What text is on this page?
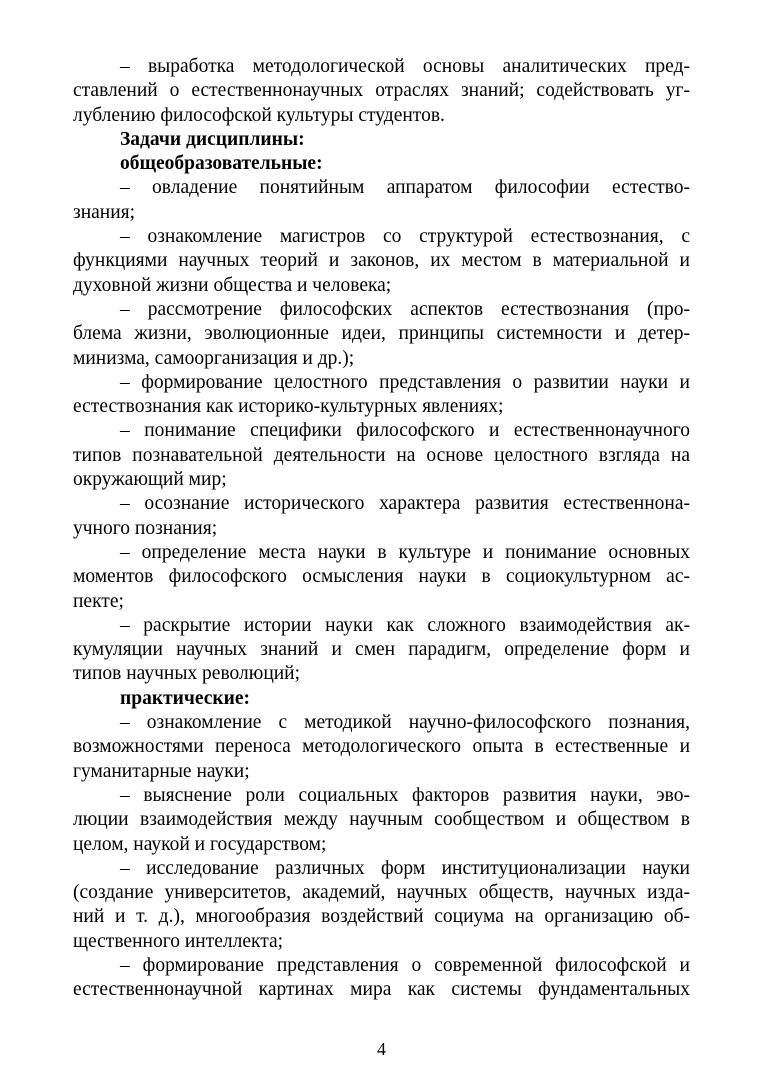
– выработка методологической основы аналитических пред-
ставлений о естественнонаучных отраслях знаний; содействовать уг-
лублению философской культуры студентов.
Задачи дисциплины:
общеобразовательные:
– овладение понятийным аппаратом философии естество-
знания;
– ознакомление магистров со структурой естествознания, с
функциями научных теорий и законов, их местом в материальной и
духовной жизни общества и человека;
– рассмотрение философских аспектов естествознания (про-
блема жизни, эволюционные идеи, принципы системности и детер-
минизма, самоорганизация и др.);
– формирование целостного представления о развитии науки и
естествознания как историко-культурных явлениях;
– понимание специфики философского и естественнонаучного
типов познавательной деятельности на основе целостного взгляда на
окружающий мир;
– осознание исторического характера развития естественнона-
учного познания;
– определение места науки в культуре и понимание основных
моментов философского осмысления науки в социокультурном ас-
пекте;
– раскрытие истории науки как сложного взаимодействия ак-
кумуляции научных знаний и смен парадигм, определение форм и
типов научных революций;
практические:
– ознакомление с методикой научно-философского познания,
возможностями переноса методологического опыта в естественные и
гуманитарные науки;
– выяснение роли социальных факторов развития науки, эво-
люции взаимодействия между научным сообществом и обществом в
целом, наукой и государством;
– исследование различных форм институционализации науки
(создание университетов, академий, научных обществ, научных изда-
ний и т. д.), многообразия воздействий социума на организацию об-
щественного интеллекта;
– формирование представления о современной философской и
естественнонаучной картинах мира как системы фундаментальных
4
